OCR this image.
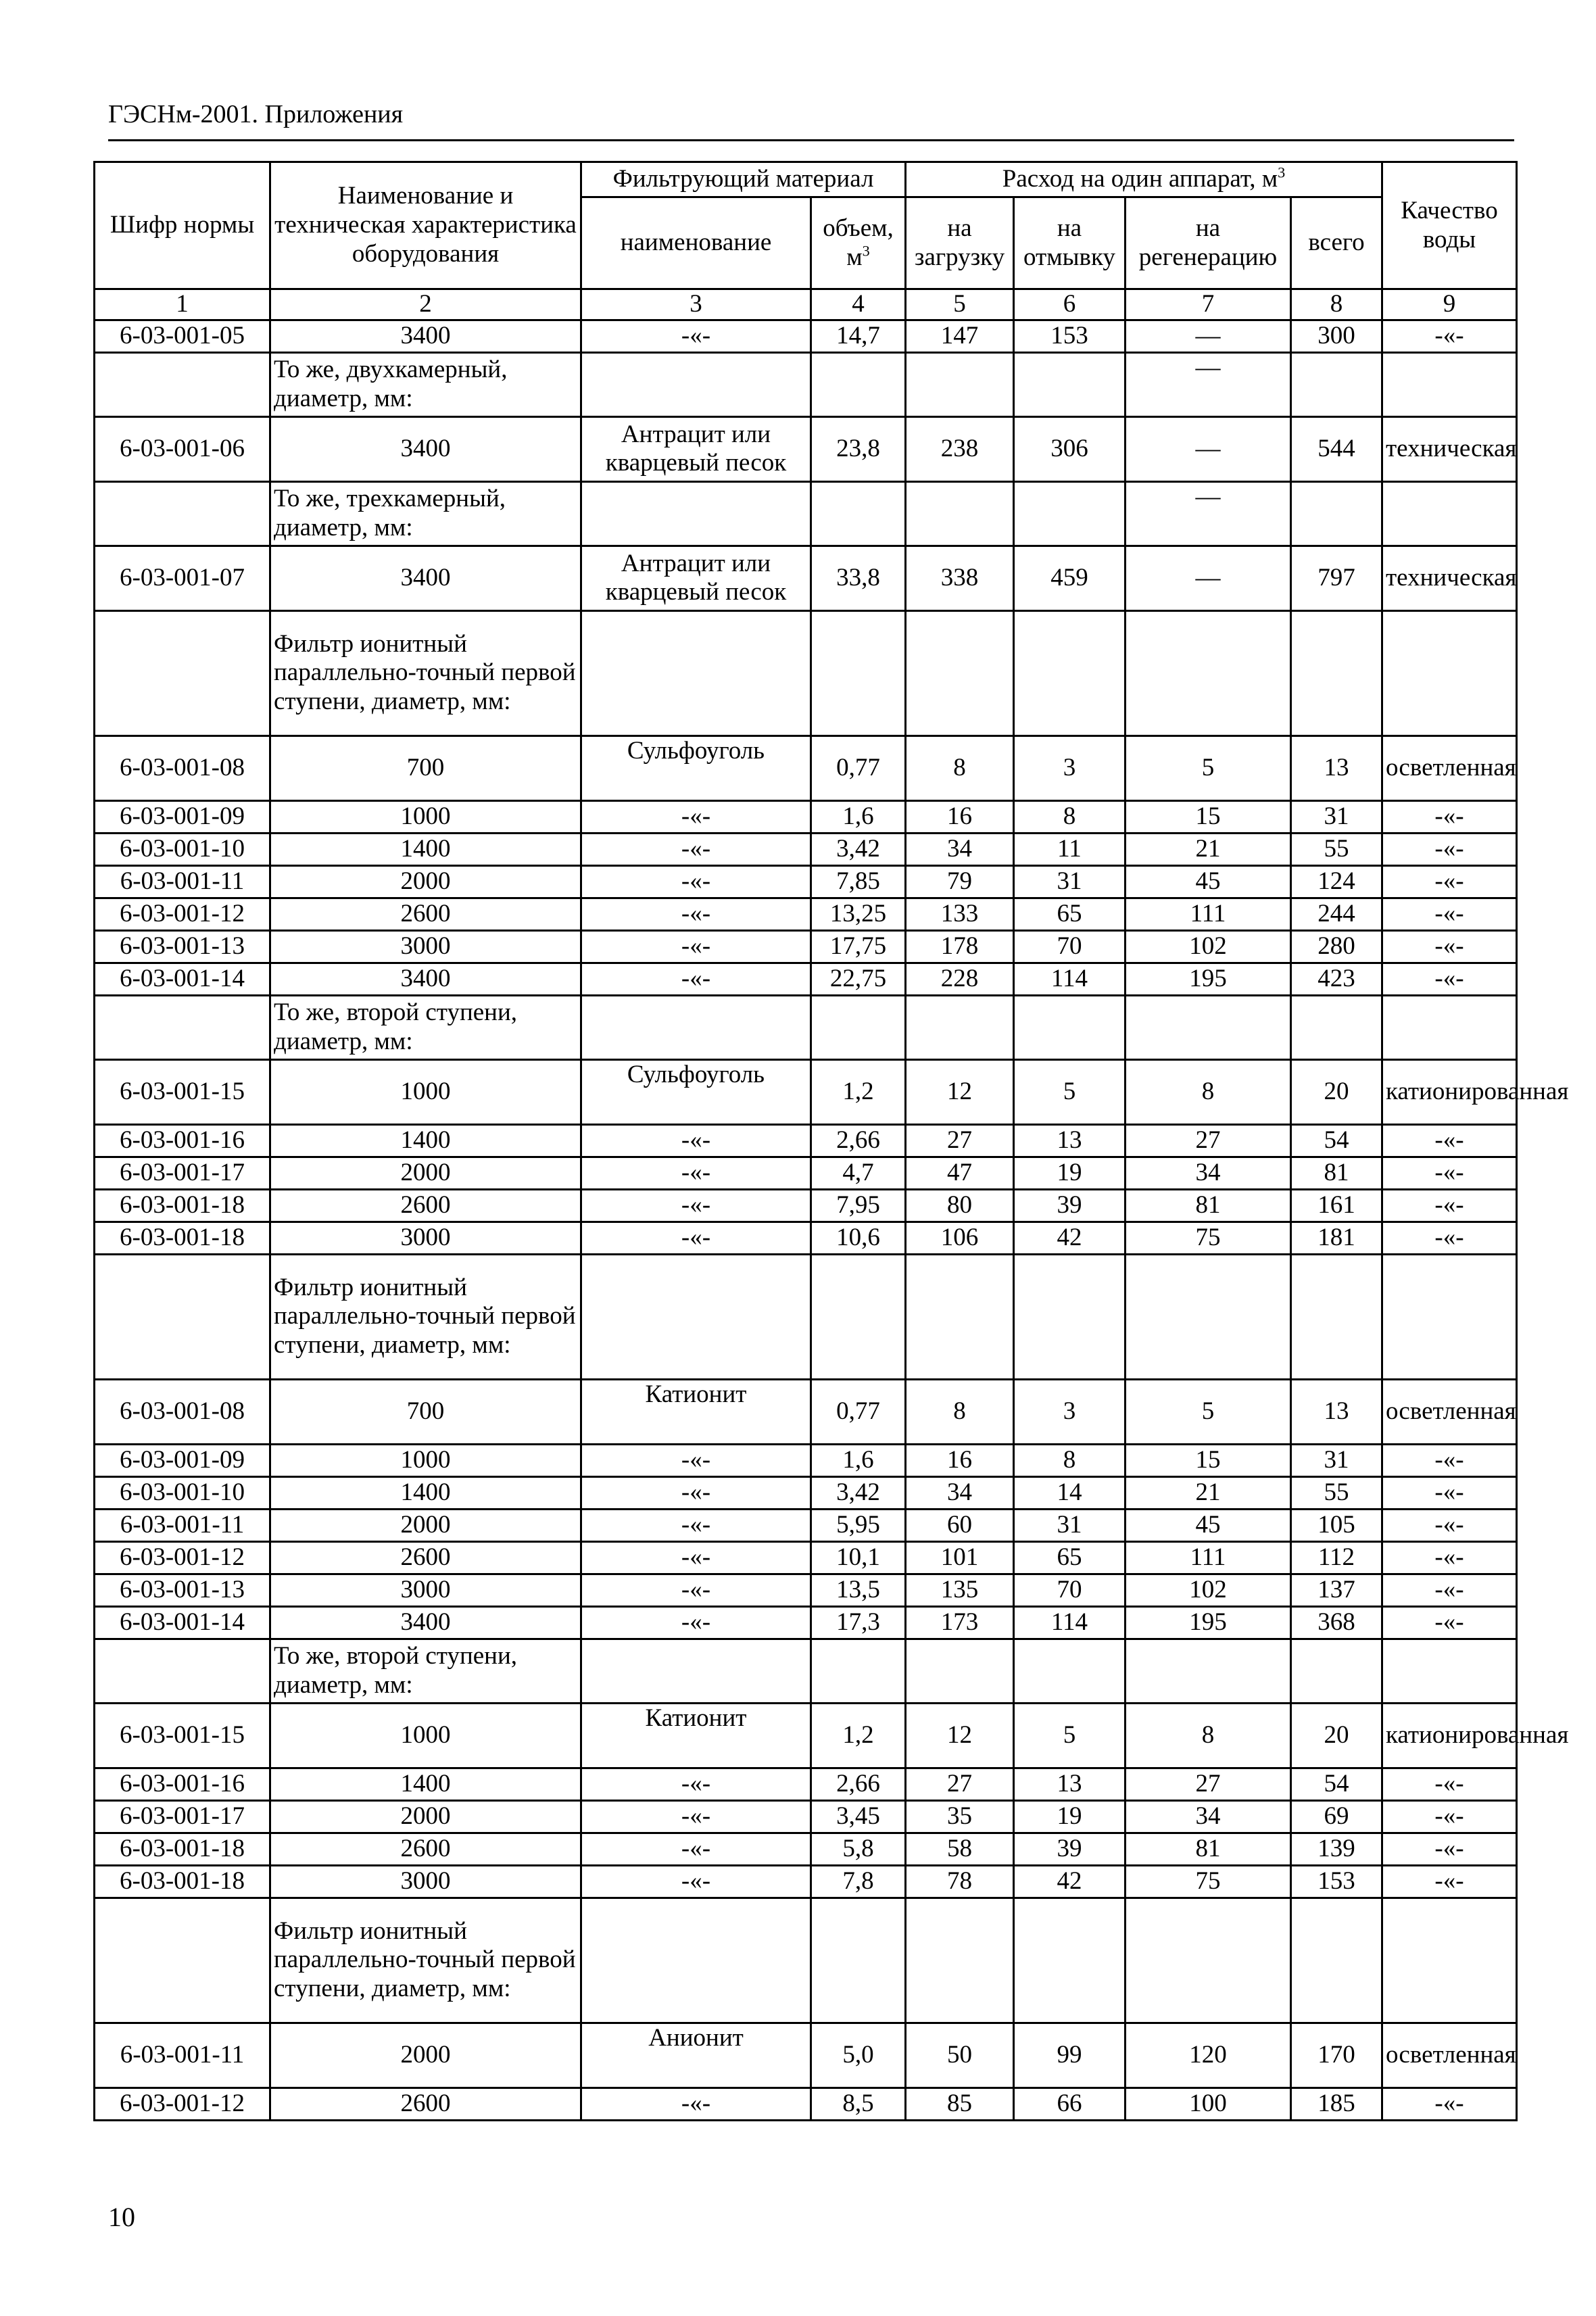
ГЭСНм-2001. Приложения
Шифр нормы	Наименование и техническая характеристика оборудования	Фильтрующий материал		Расход на один аппарат, $м^3$				Качество воды
		наименование	объем, $м^3$	на загрузку	на отмывку	на регенерацию	всего	
1	2	3	4	5	6	7	8	9
6-03-001-05	3400	-«-	14,7	147	153	—	300	-«-
	То же, двухкамерный, диаметр, мм:					—		
6-03-001-06	3400	Антрацит или кварцевый песок	23,8	238	306	—	544	техническая
	То же, трехкамерный, диаметр, мм:					—		
6-03-001-07	3400	Антрацит или кварцевый песок	33,8	338	459	—	797	техническая
	Фильтр ионитный параллельно-точный первой ступени, диаметр, мм:							
6-03-001-08	700	Сульфоуголь	0,77	8	3	5	13	осветленная
6-03-001-09	1000	-«-	1,6	16	8	15	31	-«-
6-03-001-10	1400	-«-	3,42	34	11	21	55	-«-
6-03-001-11	2000	-«-	7,85	79	31	45	124	-«-
6-03-001-12	2600	-«-	13,25	133	65	111	244	-«-
6-03-001-13	3000	-«-	17,75	178	70	102	280	-«-
6-03-001-14	3400	-«-	22,75	228	114	195	423	-«-
	То же, второй ступени, диаметр, мм:							
6-03-001-15	1000	Сульфоуголь	1,2	12	5	8	20	катионированная
6-03-001-16	1400	-«-	2,66	27	13	27	54	-«-
6-03-001-17	2000	-«-	4,7	47	19	34	81	-«-
6-03-001-18	2600	-«-	7,95	80	39	81	161	-«-
6-03-001-18	3000	-«-	10,6	106	42	75	181	-«-
	Фильтр ионитный параллельно-точный первой ступени, диаметр, мм:							
6-03-001-08	700	Катионит	0,77	8	3	5	13	осветленная
6-03-001-09	1000	-«-	1,6	16	8	15	31	-«-
6-03-001-10	1400	-«-	3,42	34	14	21	55	-«-
6-03-001-11	2000	-«-	5,95	60	31	45	105	-«-
6-03-001-12	2600	-«-	10,1	101	65	111	112	-«-
6-03-001-13	3000	-«-	13,5	135	70	102	137	-«-
6-03-001-14	3400	-«-	17,3	173	114	195	368	-«-
	То же, второй ступени, диаметр, мм:							
6-03-001-15	1000	Катионит	1,2	12	5	8	20	катионированная
6-03-001-16	1400	-«-	2,66	27	13	27	54	-«-
6-03-001-17	2000	-«-	3,45	35	19	34	69	-«-
6-03-001-18	2600	-«-	5,8	58	39	81	139	-«-
6-03-001-18	3000	-«-	7,8	78	42	75	153	-«-
	Фильтр ионитный параллельно-точный первой ступени, диаметр, мм:							
6-03-001-11	2000	Анионит	5,0	50	99	120	170	осветленная
6-03-001-12	2600	-«-	8,5	85	66	100	185	-«-
10
